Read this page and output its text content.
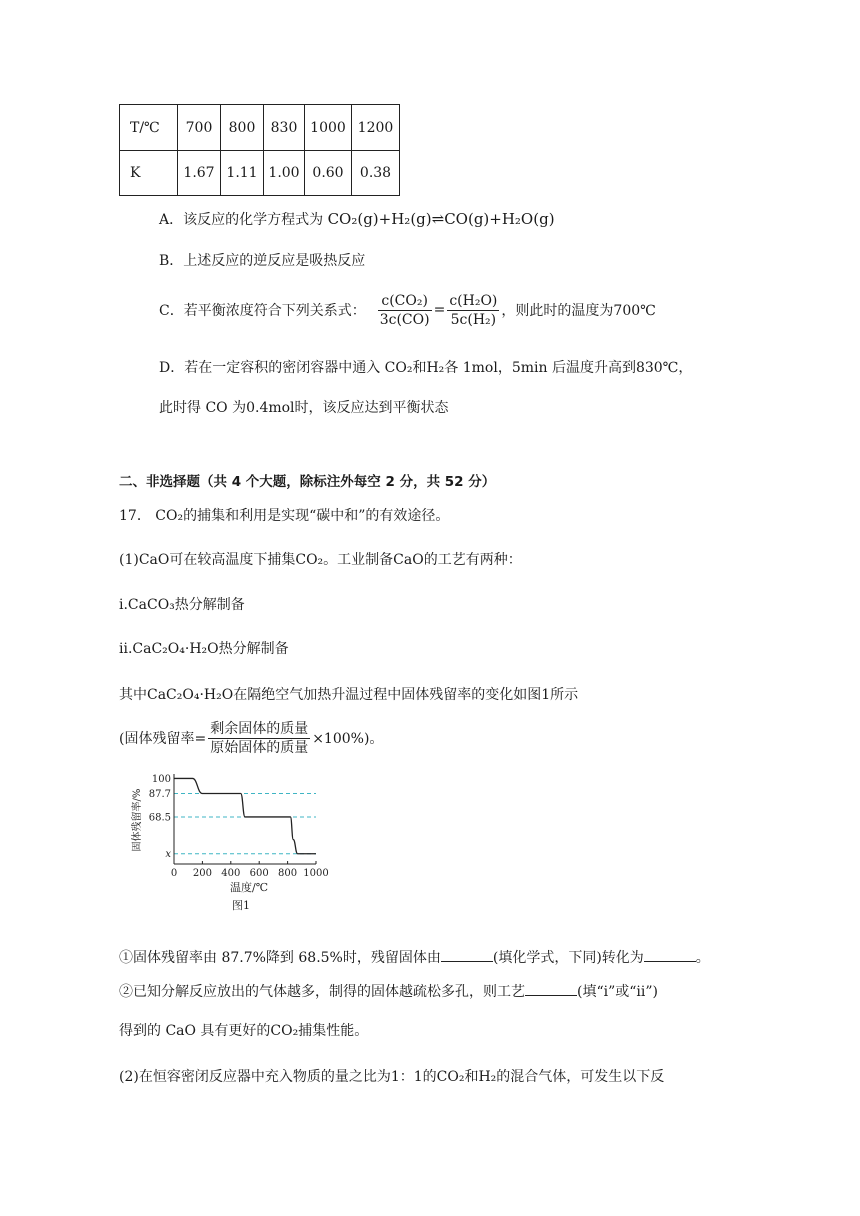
T/℃	700	800	830	1000	1200
K	1.67	1.11	1.00	0.60	0.38
A．该反应的化学方程式为 CO₂(g)+H₂(g)⇌CO(g)+H₂O(g)
B．上述反应的逆反应是吸热反应
C．若平衡浓度符合下列关系式： $\frac{\text{c(CO₂)}}{3c(CO)} = \frac{\text{c(H₂O)}}{\text{5c(H₂)}}$ ，则此时的温度为700℃
D．若在一定容积的密闭容器中通入 CO₂和H₂各 1mol，5min 后温度升高到830℃，
此时得 CO 为0.4mol时，该反应达到平衡状态
二、非选择题（共 4 个大题，除标注外每空 2 分，共 52 分）
17． CO₂的捕集和利用是实现“碳中和”的有效途径。
(1)CaO可在较高温度下捕集CO₂。工业制备CaO的工艺有两种：
ⅰ.CaCO₃热分解制备
ⅱ.CaC₂O₄·H₂O热分解制备
其中CaC₂O₄·H₂O在隔绝空气加热升温过程中固体残留率的变化如图1所示
(固体残留率= $\frac{\text{剩余固体的质量}}{\text{原始固体的质量}} \times 100\%$)。
固体残留率/%
100
87.7
68.5
x
0 200 400 600 800 1000
温度/℃
图1
①固体残留率由 87.7%降到 68.5%时，残留固体由	(填化学式，下同)转化为	。
②已知分解反应放出的气体越多，制得的固体越疏松多孔，则工艺	(填“ⅰ”或“ⅱ”)
得到的 CaO 具有更好的CO₂捕集性能。
(2)在恒容密闭反应器中充入物质的量之比为1：1的CO₂和H₂的混合气体，可发生以下反
